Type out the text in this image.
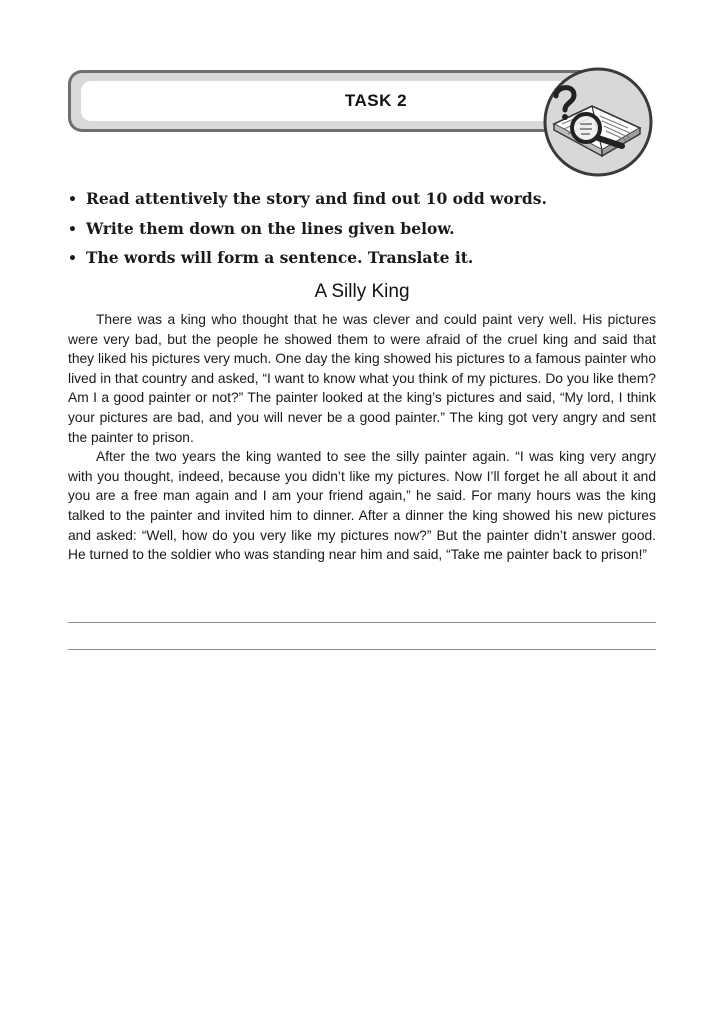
TASK 2
• Read attentively the story and find out 10 odd words.
• Write them down on the lines given below.
• The words will form a sentence. Translate it.
A Silly King

There was a king who thought that he was clever and could paint very well. His pictures were very bad, but the people he showed them to were afraid of the cruel king and said that they liked his pictures very much. One day the king showed his pictures to a famous painter who lived in that country and asked, “I want to know what you think of my pictures. Do you like them? Am I a good painter or not?” The painter looked at the king’s pictures and said, “My lord, I think your pictures are bad, and you will never be a good painter.” The king got very angry and sent the painter to prison.

After the two years the king wanted to see the silly painter again. “I was king very angry with you thought, indeed, because you didn’t like my pictures. Now I’ll forget he all about it and you are a free man again and I am your friend again,” he said. For many hours was the king talked to the painter and invited him to dinner. After a dinner the king showed his new pictures and asked: “Well, how do you very like my pictures now?” But the painter didn’t answer good. He turned to the soldier who was standing near him and said, “Take me painter back to prison!”
